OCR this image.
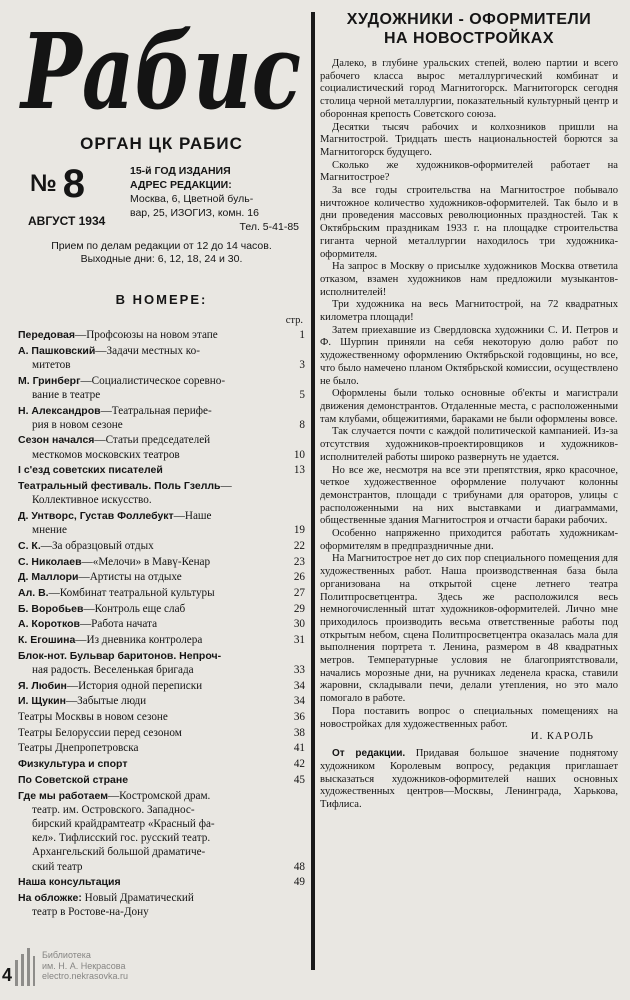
Рабис
ОРГАН ЦК РАБИС
№ 8
АВГУСТ 1934
15-й ГОД ИЗДАНИЯ
АДРЕС РЕДАКЦИИ:
Москва, 6, Цветной буль-
вар, 25, ИЗОГИЗ, комн. 16
Тел. 5-41-85
Прием по делам редакции от 12 до 14 часов.
Выходные дни: 6, 12, 18, 24 и 30.
В НОМЕРЕ:
стр.
Передовая—Профсоюзы на новом этапе	1
А. Пашковский—Задачи местных ко-
митетов	3
М. Гринберг—Социалистическое соревно-
вание в театре	5
Н. Александров—Театральная перифе-
рия в новом сезоне	8
Сезон начался—Статьи председателей
месткомов московских театров	10
I с'езд советских писателей	13
Театральный фестиваль. Поль Гзелль—
Коллективное искусство.
Д. Унтворс, Густав Фоллебукт—Наше
мнение	19
С. К.—За образцовый отдых	22
С. Николаев—«Мелочи» в Мавү-Кенар	23
Д. Маллори—Артисты на отдыхе	26
Ал. В.—Комбинат театральной культуры	27
Б. Воробьев—Контроль еще слаб	29
А. Коротков—Работа начата	30
К. Егошина—Из дневника контролера	31
Блок-нот. Бульвар баритонов. Непроч-
ная радость. Веселенькая бригада	33
Я. Любин—История одной переписки	34
И. Щукин—Забытые люди	34
Театры Москвы в новом сезоне	36
Театры Белоруссии перед сезоном	38
Театры Днепропетровска	41
Физкультура и спорт	42
По Советской стране	45
Где мы работаем—Костромской драм.
театр. им. Островского. Западнос-
бирский крайдрамтеатр «Красный фа-
кел». Тифлисский гос. русский театр.
Архангельский большой драматиче-
ский театр	48
Наша консультация	49
На обложке: Новый Драматический
театр в Ростове-на-Дону
ХУДОЖНИКИ - ОФОРМИТЕЛИ
НА НОВОСТРОЙКАХ

Далеко, в глубине уральских степей, волею партии и всего рабочего класса вырос металлургический комбинат и социалистический город Магнитогорск. Магнитогорск сегодня столица черной металлургии, показательный культурный центр и оборонная крепость Советского союза.

Десятки тысяч рабочих и колхозников пришли на Магнитострой. Тридцать шесть национальностей борются за Магнитогорск будущего.

Сколько же художников-оформителей работает на Магнитострое?

За все годы строительства на Магнитострое побывало ничтожное количество художников-оформителей. Так было и в дни проведения массовых революционных праздностей. Так к Октябрьским праздникам 1933 г. на площадке строительства гиганта черной металлургии находилось три художника-оформителя.

На запрос в Москву о присылке художников Москва ответила отказом, взамен художников нам предложили музыкантов-исполнителей!

Три художника на весь Магнитострой, на 72 квадратных километра площади!

Затем приехавшие из Свердловска художники С. И. Петров и Ф. Шурпин приняли на себя некоторую долю работ по художественному оформлению Октябрьской годовщины, но все, что было намечено планом Октябрьской комиссии, осуществлено не было.

Оформлены были только основные об'екты и магистрали движения демонстрантов. Отдаленные места, с расположенными там клубами, общежитиями, бараками не были оформлены вовсе.

Так случается почти с каждой политической кампанией. Из-за отсутствия художников-проектировщиков и художников-исполнителей работы широко развернуть не удается.

Но все же, несмотря на все эти препятствия, ярко красочное, четкое художественное оформление получают колонны демонстрантов, площади с трибунами для ораторов, улицы с расположенными на них выставками и диаграммами, общественные здания Магнитостроя и отчасти бараки рабочих.

Особенно напряженно приходится работать художникам-оформителям в предпраздничные дни.

На Магнитострое нет до сих пор специального помещения для художественных работ. Наша производственная база была организована на открытой сцене летнего театра Политпросветцентра. Здесь же расположился весь немногочисленный штат художников-оформителей. Лично мне приходилось производить весьма ответственные работы под открытым небом, сцена Политпросветцентра оказалась мала для выполнения портрета т. Ленина, размером в 48 квадратных метров. Температурные условия не благоприятствовали, начались морозные дни, на ручниках леденела краска, ставили жаровни, складывали печи, делали утепления, но это мало помогало в работе.

Пора поставить вопрос о специальных помещениях на новостройках для художественных работ.

И. КАРОЛЬ
От редакции. Придавая большое значение поднятому художником Королевым вопросу, редакция приглашает высказаться художников-оформителей наших основных художественных центров—Москвы, Ленинграда, Харькова, Тифлиса.
Библиотека
им. Н. А. Некрасова
electro.nekrasovka.ru
4
